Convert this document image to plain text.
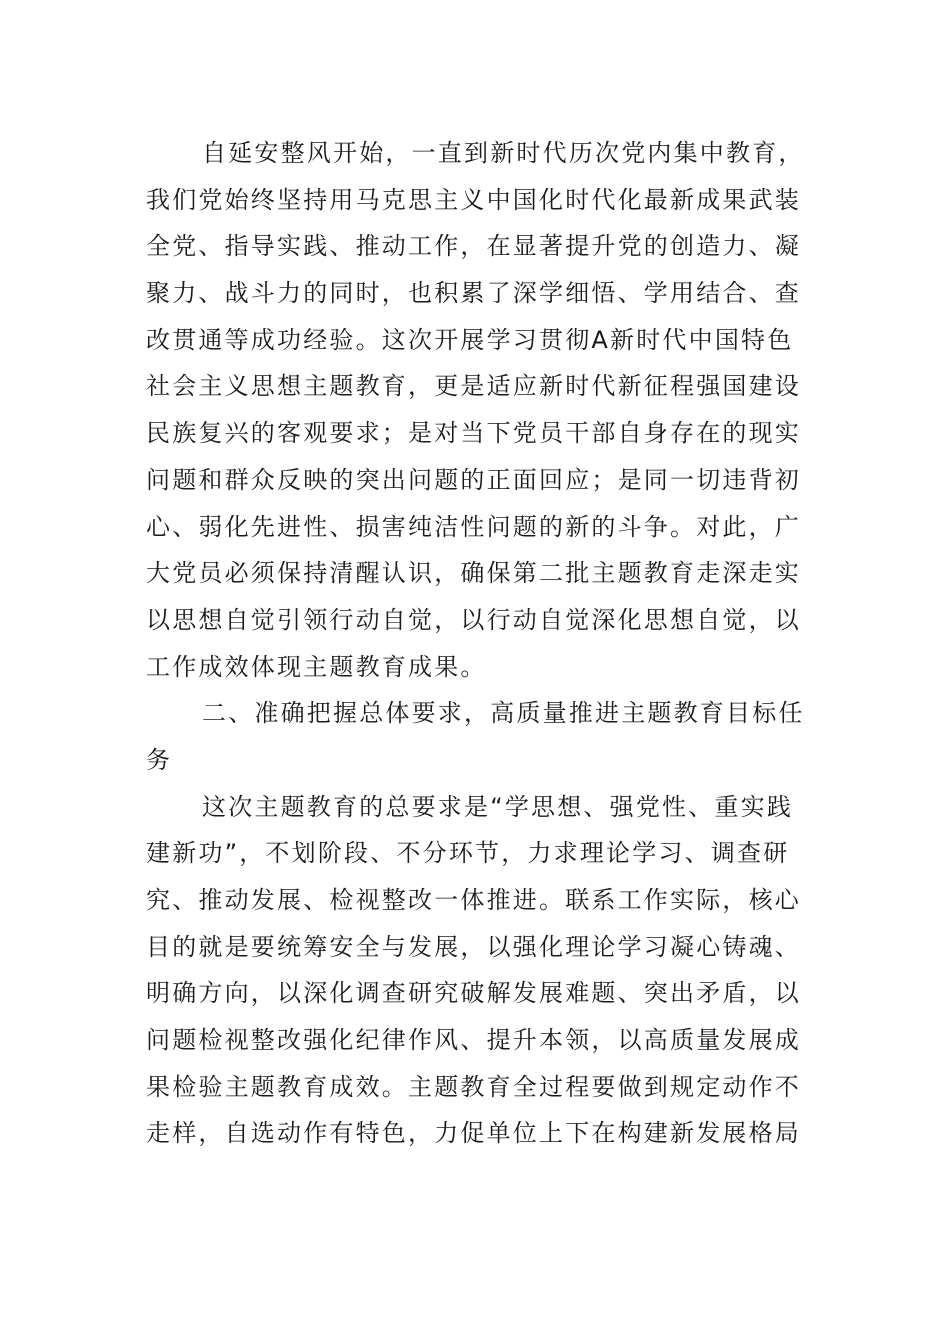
自延安整风开始，一直到新时代历次党内集中教育，
我们党始终坚持用马克思主义中国化时代化最新成果武装
全党、指导实践、推动工作，在显著提升党的创造力、凝
聚力、战斗力的同时，也积累了深学细悟、学用结合、查
改贯通等成功经验。这次开展学习贯彻A新时代中国特色
社会主义思想主题教育，更是适应新时代新征程强国建设
民族复兴的客观要求；是对当下党员干部自身存在的现实
问题和群众反映的突出问题的正面回应；是同一切违背初
心、弱化先进性、损害纯洁性问题的新的斗争。对此，广
大党员必须保持清醒认识，确保第二批主题教育走深走实
以思想自觉引领行动自觉，以行动自觉深化思想自觉，以
工作成效体现主题教育成果。
二、准确把握总体要求，高质量推进主题教育目标任
务
这次主题教育的总要求是“学思想、强党性、重实践
建新功”，不划阶段、不分环节，力求理论学习、调查研
究、推动发展、检视整改一体推进。联系工作实际，核心
目的就是要统筹安全与发展，以强化理论学习凝心铸魂、
明确方向，以深化调查研究破解发展难题、突出矛盾，以
问题检视整改强化纪律作风、提升本领，以高质量发展成
果检验主题教育成效。主题教育全过程要做到规定动作不
走样，自选动作有特色，力促单位上下在构建新发展格局
